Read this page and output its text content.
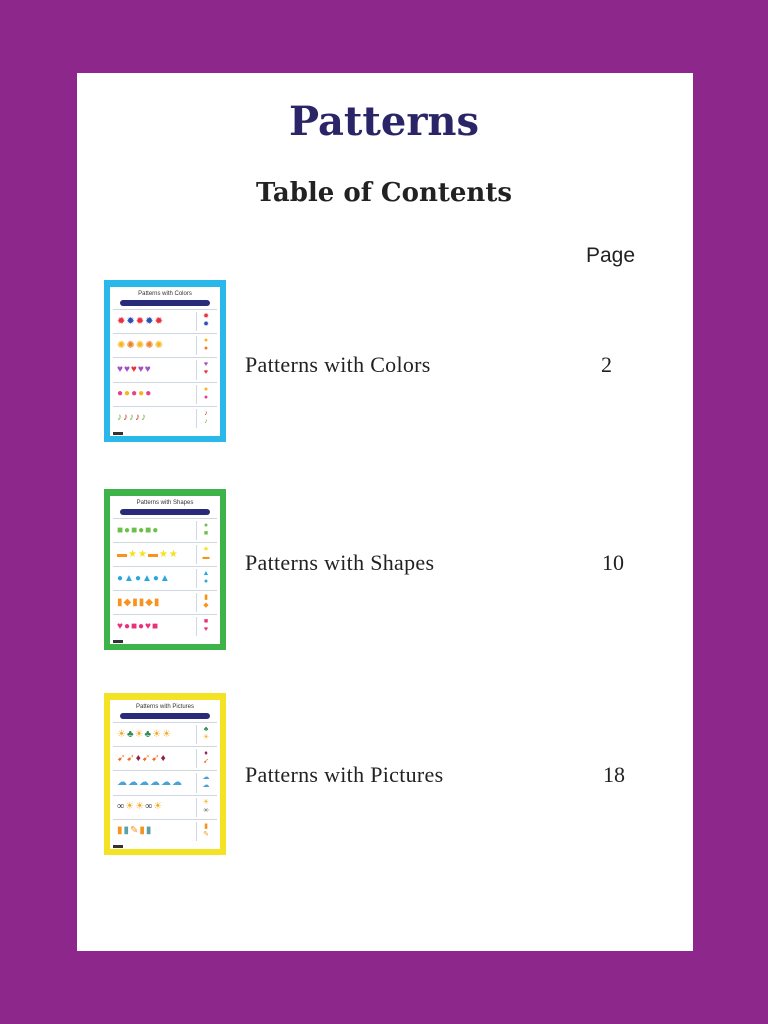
Patterns
Table of Contents
Page
Patterns with Colors
✹✹✹✹✹	✹
✹
✺✺✺✺✺	●
●
♥♥♥♥♥	♥
♥
●●●●●	●
●
♪♪♪♪♪	♪
♪
Patterns with Colors	2
Patterns with Shapes
■●■●■●	●
■
▬★★▬★★	★
▬
●▲●▲●▲	▲
●
▮◆▮▮◆▮	▮
◆
♥●■●♥■	■
♥
Patterns with Shapes	10
Patterns with Pictures
☀♣☀♣☀☀	♣
☀
➹➹♦➹➹♦	♦
➹
☁☁☁☁☁☁	☁
☁
∞☀☀∞☀	☀
∞
▮▮✎▮▮	▮
✎
Patterns with Pictures	18
